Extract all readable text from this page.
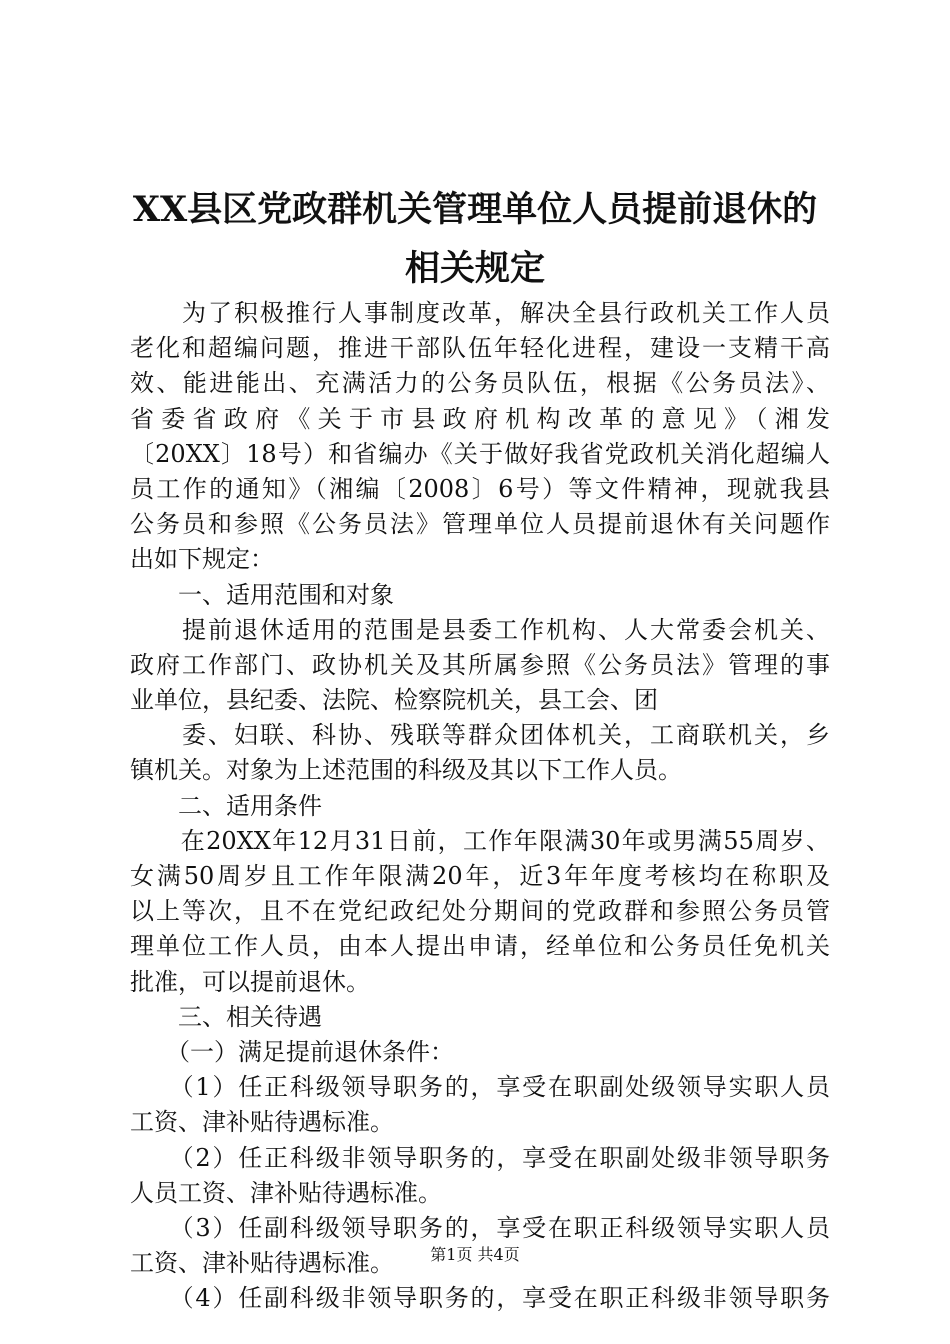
XX县区党政群机关管理单位人员提前退休的
相关规定
　　为了积极推行人事制度改革，解决全县行政机关工作人员
老化和超编问题，推进干部队伍年轻化进程，建设一支精干高
效、能进能出、充满活力的公务员队伍，根据《公务员法》、
省委省政府《关于市县政府机构改革的意见》（湘发
〔20XX〕18号）和省编办《关于做好我省党政机关消化超编人
员工作的通知》（湘编〔2008〕6号）等文件精神，现就我县
公务员和参照《公务员法》管理单位人员提前退休有关问题作
出如下规定：
　　一、适用范围和对象
　　提前退休适用的范围是县委工作机构、人大常委会机关、
政府工作部门、政协机关及其所属参照《公务员法》管理的事
业单位，县纪委、法院、检察院机关，县工会、团
　　委、妇联、科协、残联等群众团体机关，工商联机关，乡
镇机关。对象为上述范围的科级及其以下工作人员。
　　二、适用条件
　　在20XX年12月31日前，工作年限满30年或男满55周岁、
女满50周岁且工作年限满20年，近3年年度考核均在称职及
以上等次，且不在党纪政纪处分期间的党政群和参照公务员管
理单位工作人员，由本人提出申请，经单位和公务员任免机关
批准，可以提前退休。
　　三、相关待遇
　　（一）满足提前退休条件：
　　（1）任正科级领导职务的，享受在职副处级领导实职人员
工资、津补贴待遇标准。
　　（2）任正科级非领导职务的，享受在职副处级非领导职务
人员工资、津补贴待遇标准。
　　（3）任副科级领导职务的，享受在职正科级领导实职人员
工资、津补贴待遇标准。
　　（4）任副科级非领导职务的，享受在职正科级非领导职务
第1页 共4页
